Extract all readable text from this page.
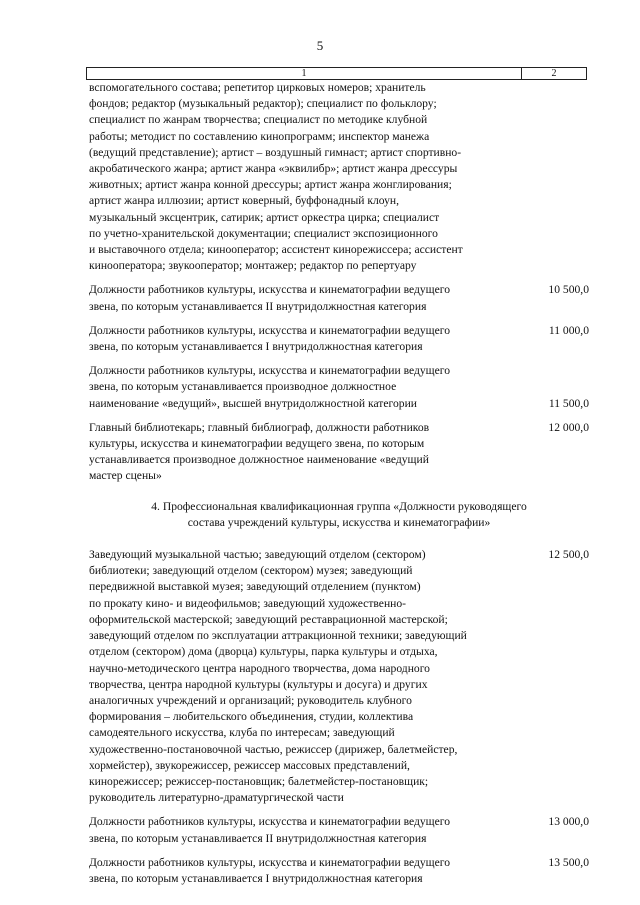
5
1	2
вспомогательного состава; репетитор цирковых номеров; хранитель
фондов; редактор (музыкальный редактор); специалист по фольклору;
специалист по жанрам творчества; специалист по методике клубной
работы; методист по составлению кинопрограмм; инспектор манежа
(ведущий представление); артист – воздушный гимнаст; артист спортивно-
акробатического жанра; артист жанра «эквилибр»; артист жанра дрессуры
животных; артист жанра конной дрессуры; артист жанра жонглирования;
артист жанра иллюзии; артист коверный, буффонадный клоун,
музыкальный эксцентрик, сатирик; артист оркестра цирка; специалист
по учетно-хранительской документации; специалист экспозиционного
и выставочного отдела; кинооператор; ассистент кинорежиссера; ассистент
кинооператора; звукооператор; монтажер; редактор по репертуару
Должности работников культуры, искусства и кинематографии ведущего
звена, по которым устанавливается II внутридолжностная категория
10 500,0
Должности работников культуры, искусства и кинематографии ведущего
звена, по которым устанавливается I внутридолжностная категория
11 000,0
Должности работников культуры, искусства и кинематографии ведущего
звена, по которым устанавливается производное должностное
наименование «ведущий», высшей внутридолжностной категории	11 500,0
Главный библиотекарь; главный библиограф, должности работников
культуры, искусства и кинематографии ведущего звена, по которым
устанавливается производное должностное наименование «ведущий
мастер сцены»
12 000,0
4. Профессиональная квалификационная группа «Должности руководящего
состава учреждений культуры, искусства и кинематографии»
Заведующий музыкальной частью; заведующий отделом (сектором)
библиотеки; заведующий отделом (сектором) музея; заведующий
передвижной выставкой музея; заведующий отделением (пунктом)
по прокату кино- и видеофильмов; заведующий художественно-
оформительской мастерской; заведующий реставрационной мастерской;
заведующий отделом по эксплуатации аттракционной техники; заведующий
отделом (сектором) дома (дворца) культуры, парка культуры и отдыха,
научно-методического центра народного творчества, дома народного
творчества, центра народной культуры (культуры и досуга) и других
аналогичных учреждений и организаций; руководитель клубного
формирования – любительского объединения, студии, коллектива
самодеятельного искусства, клуба по интересам; заведующий
художественно-постановочной частью, режиссер (дирижер, балетмейстер,
хормейстер), звукорежиссер, режиссер массовых представлений,
кинорежиссер; режиссер-постановщик; балетмейстер-постановщик;
руководитель литературно-драматургической части
12 500,0
Должности работников культуры, искусства и кинематографии ведущего
звена, по которым устанавливается II внутридолжностная категория
13 000,0
Должности работников культуры, искусства и кинематографии ведущего
звена, по которым устанавливается I внутридолжностная категория
13 500,0
